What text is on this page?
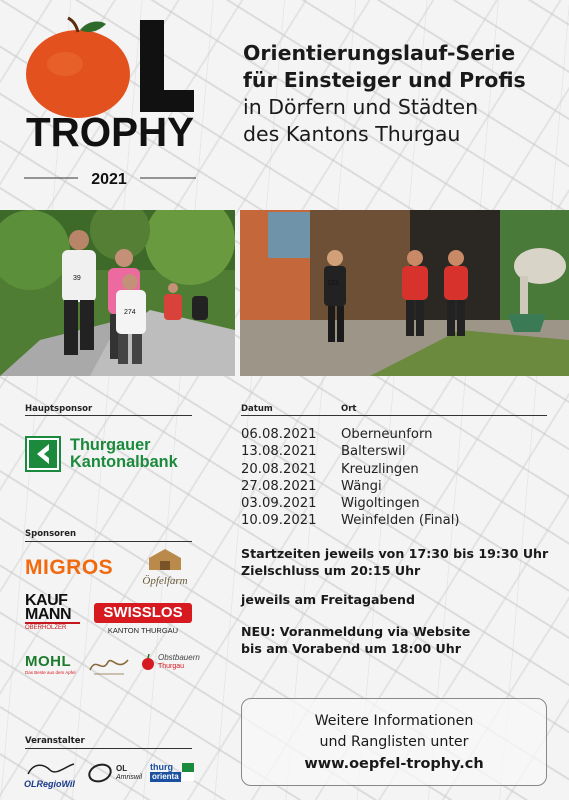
TROPHY
2021
Orientierungslauf-Serie
für Einsteiger und Profis
in Dörfern und Städten
des Kantons Thurgau
39
274
123
Hauptsponsor
Thurgauer
Kantonalbank
Sponsoren
MIGROS
Öpfelfarm
KAUF
MANN
OBERHOLZER
SWISSLOS
KANTON THURGAU
MOHL
Das Beste aus dem Apfel
Obstbauern
Thurgau
Veranstalter
OLRegioWil
OL
Amriswil
thurg
orienta
Datum	Ort
06.08.2021	Oberneunforn
13.08.2021	Balterswil
20.08.2021	Kreuzlingen
27.08.2021	Wängi
03.09.2021	Wigoltingen
10.09.2021	Weinfelden (Final)
Startzeiten jeweils von 17:30 bis 19:30 Uhr
Zielschluss um 20:15 Uhr
jeweils am Freitagabend
NEU: Voranmeldung via Website
bis am Vorabend um 18:00 Uhr
Weitere Informationen
und Ranglisten unter
www.oepfel-trophy.ch
